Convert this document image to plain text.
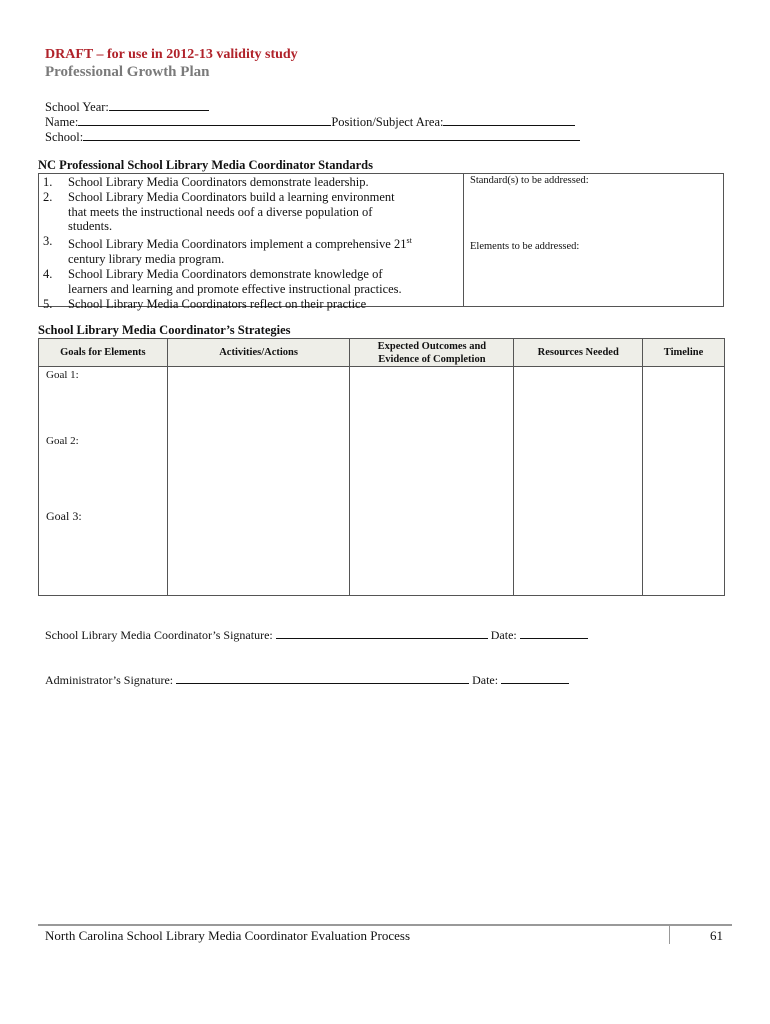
DRAFT – for use in 2012-13 validity study
Professional Growth Plan
School Year:
Name:	Position/Subject Area:
School:
NC Professional School Library Media Coordinator Standards
1. School Library Media Coordinators demonstrate leadership.
2. School Library Media Coordinators build a learning environment that meets the instructional needs oof a diverse population of students.
3. School Library Media Coordinators implement a comprehensive 21st century library media program.
4. School Library Media Coordinators demonstrate knowledge of learners and learning and promote effective instructional practices.
5. School Library Media Coordinators reflect on their practice
Standard(s) to be addressed:
Elements to be addressed:
School Library Media Coordinator’s Strategies
Goals for Elements	Activities/Actions	Expected Outcomes and Evidence of Completion	Resources Needed	Timeline

Goal 1:
Goal 2:
Goal 3:				

School Library Media Coordinator’s Signature:	Date:
Administrator’s Signature:	Date:
North Carolina School Library Media Coordinator Evaluation Process	61
